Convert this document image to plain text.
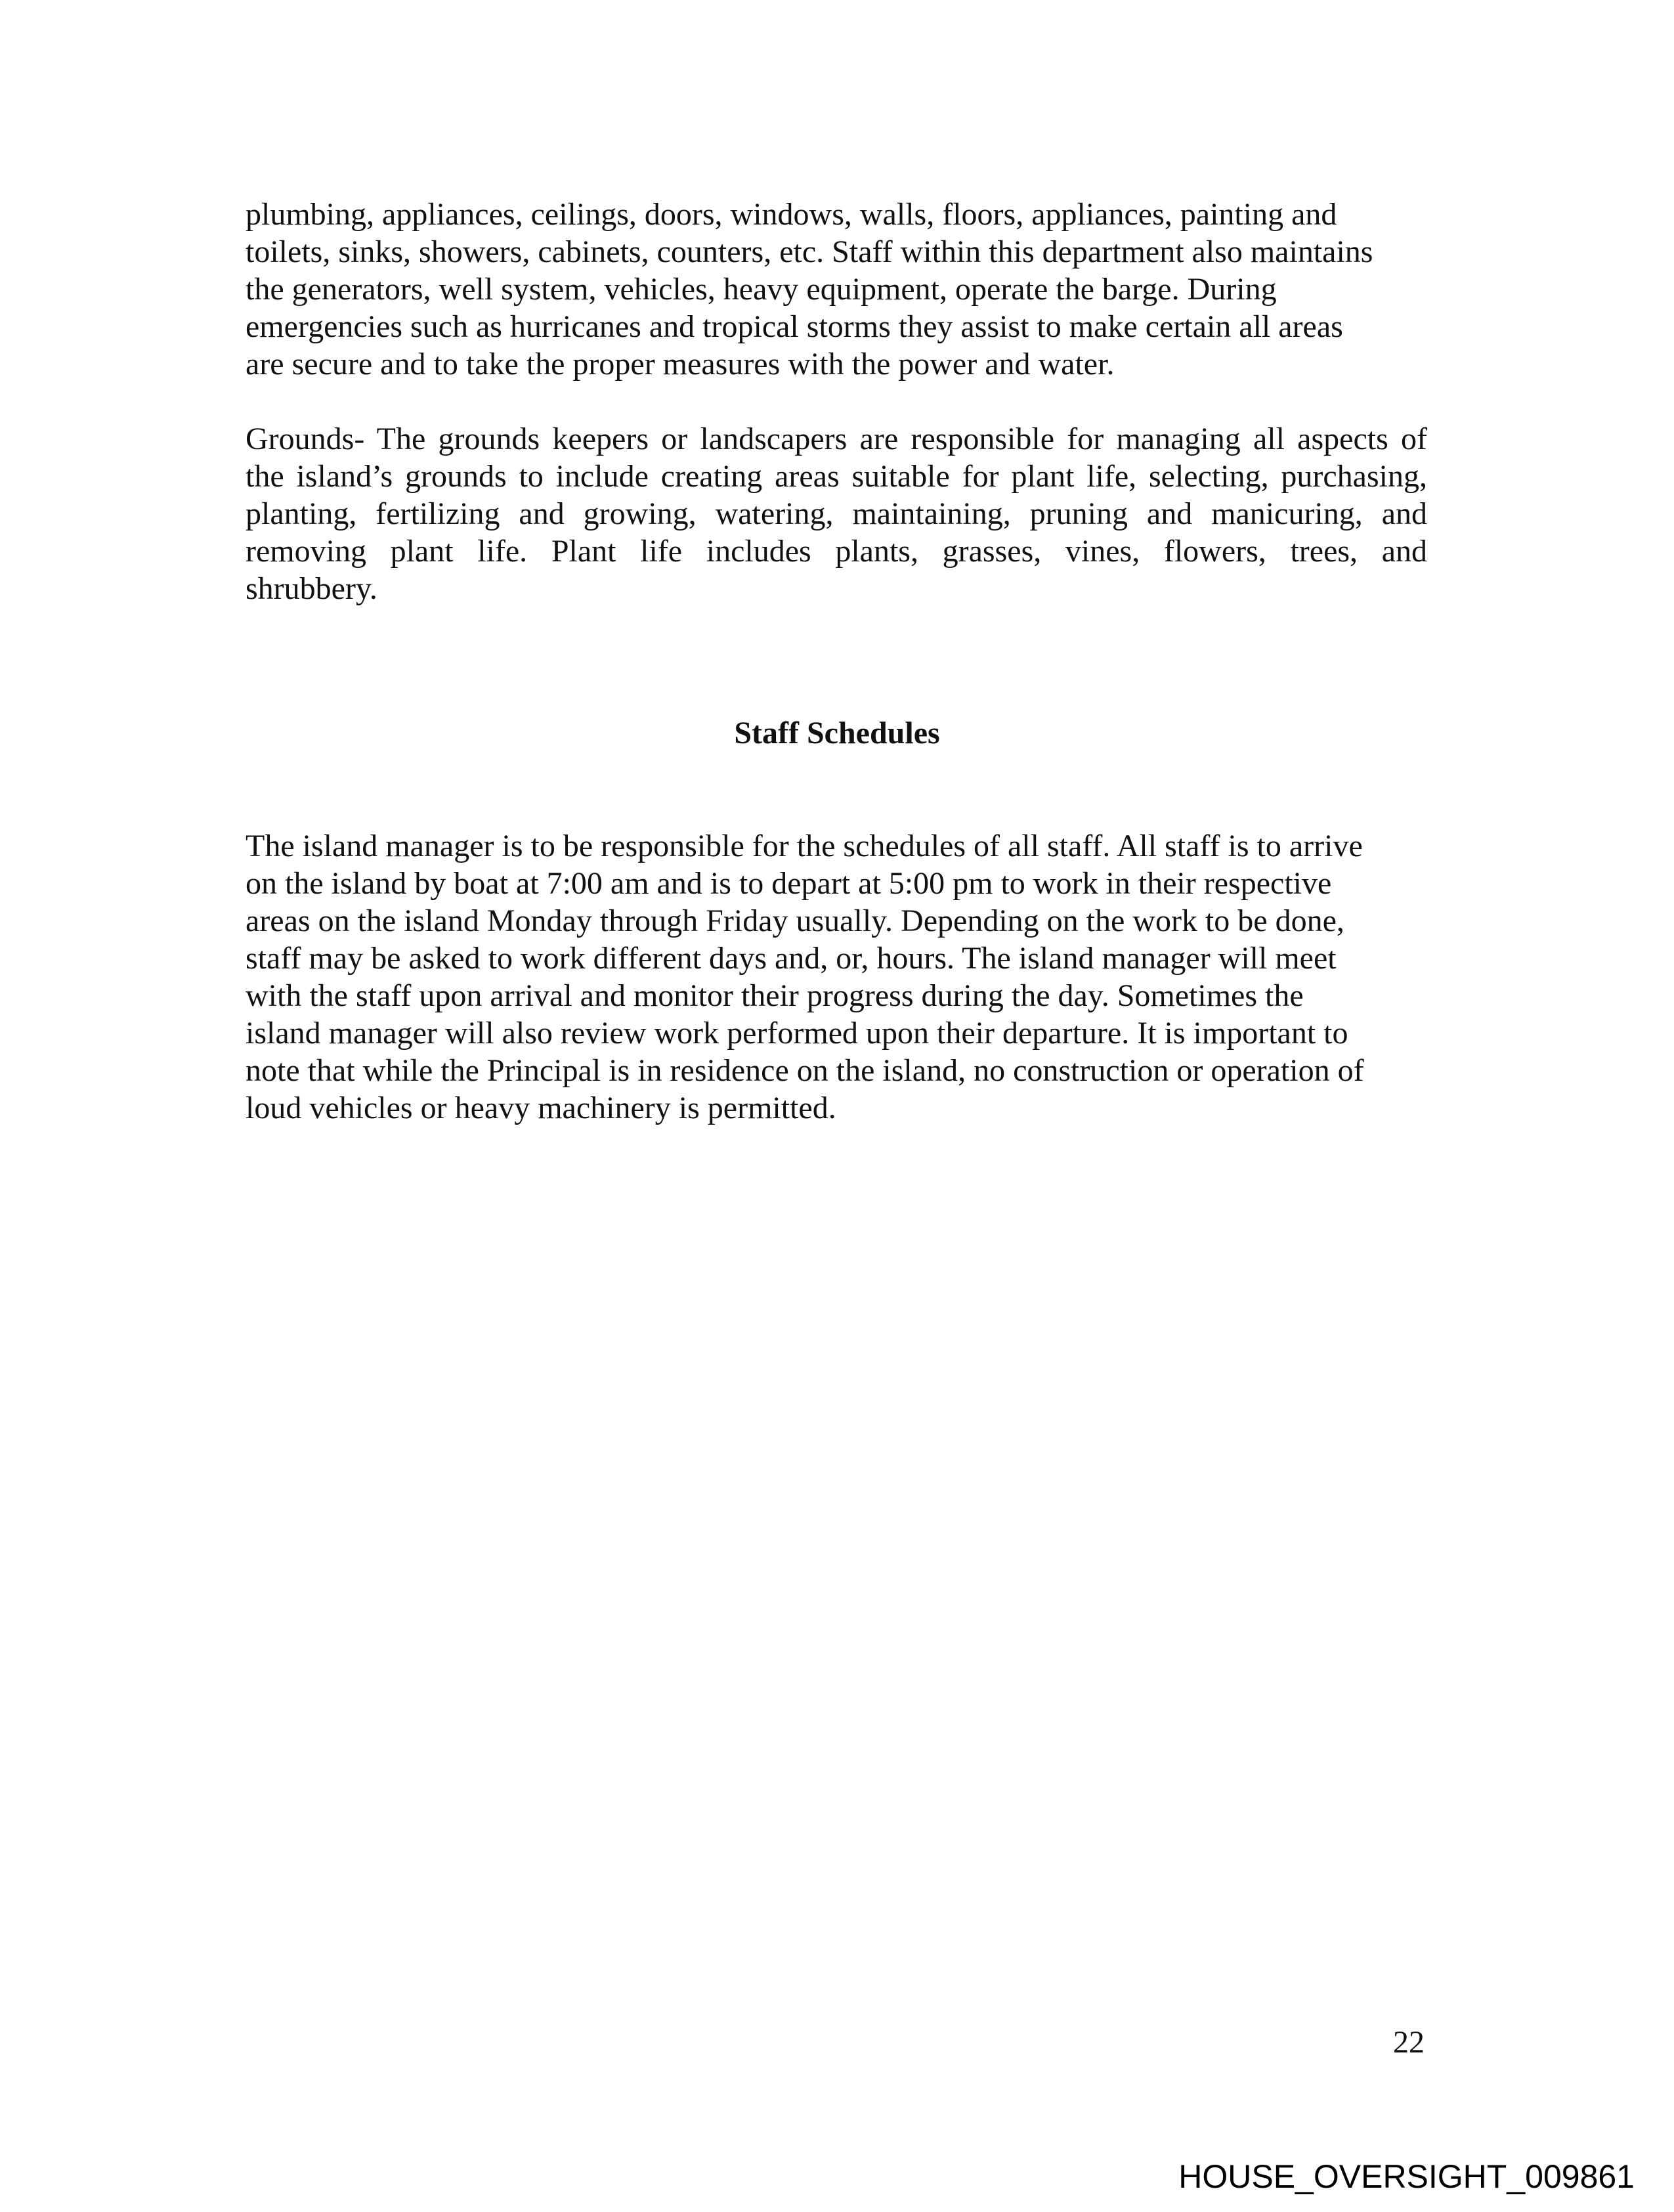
plumbing, appliances, ceilings, doors, windows, walls, floors, appliances, painting and
toilets, sinks, showers, cabinets, counters, etc. Staff within this department also maintains
the generators, well system, vehicles, heavy equipment, operate the barge. During
emergencies such as hurricanes and tropical storms they assist to make certain all areas
are secure and to take the proper measures with the power and water.
Grounds- The grounds keepers or landscapers are responsible for managing all aspects of
the island’s grounds to include creating areas suitable for plant life, selecting, purchasing,
planting, fertilizing and growing, watering, maintaining, pruning and manicuring, and
removing plant life. Plant life includes plants, grasses, vines, flowers, trees, and
shrubbery.
Staff Schedules
The island manager is to be responsible for the schedules of all staff. All staff is to arrive
on the island by boat at 7:00 am and is to depart at 5:00 pm to work in their respective
areas on the island Monday through Friday usually. Depending on the work to be done,
staff may be asked to work different days and, or, hours. The island manager will meet
with the staff upon arrival and monitor their progress during the day. Sometimes the
island manager will also review work performed upon their departure. It is important to
note that while the Principal is in residence on the island, no construction or operation of
loud vehicles or heavy machinery is permitted.
22
HOUSE_OVERSIGHT_009861
